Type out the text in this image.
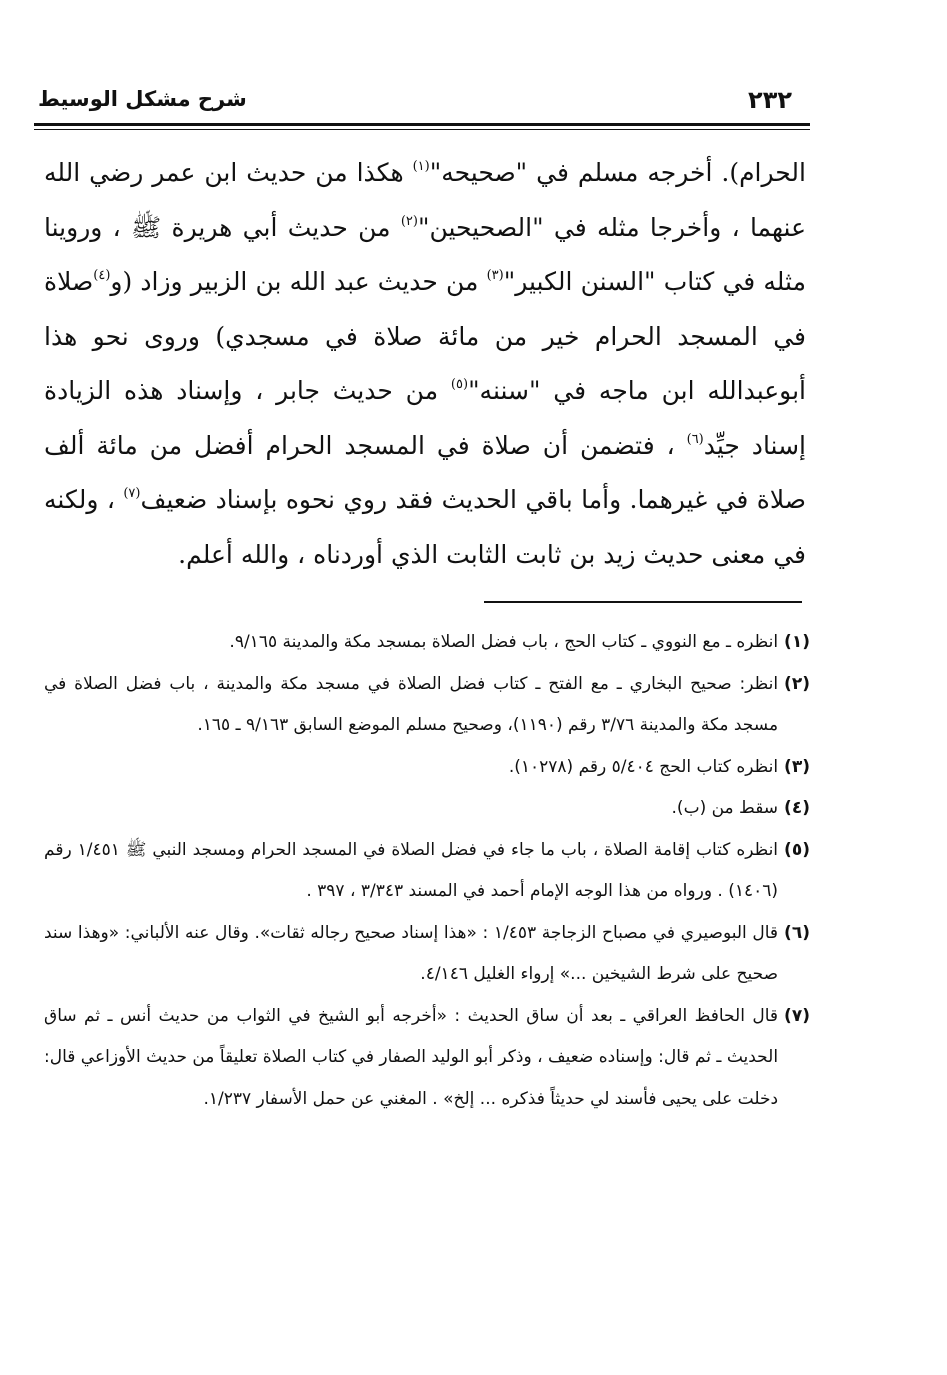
٢٣٢
شرح مشكل الوسيط

الحرام). أخرجه مسلم في "صحيحه"$^{(١)}$ هكذا من حديث ابن عمر رضي الله عنهما ، وأخرجا مثله في "الصحيحين"$^{(٢)}$ من حديث أبي هريرة ﷺ ، وروينا مثله في كتاب "السنن الكبير"$^{(٣)}$ من حديث عبد الله بن الزبير وزاد (و$^{(٤)}$صلاة في المسجد الحرام خير من مائة صلاة في مسجدي) وروى نحو هذا أبوعبدالله ابن ماجه في "سننه"$^{(٥)}$ من حديث جابر ، وإسناد هذه الزيادة إسناد جيِّد$^{(٦)}$ ، فتضمن أن صلاة في المسجد الحرام أفضل من مائة ألف صلاة في غيرهما. وأما باقي الحديث فقد روي نحوه بإسناد ضعيف$^{(٧)}$ ، ولكنه في معنى حديث زيد بن ثابت الثابت الذي أوردناه ، والله أعلم.

(١)
انظره ـ مع النووي ـ كتاب الحج ، باب فضل الصلاة بمسجد مكة والمدينة ٩/١٦٥.
(٢)
انظر: صحيح البخاري ـ مع الفتح ـ كتاب فضل الصلاة في مسجد مكة والمدينة ، باب فضل الصلاة في مسجد مكة والمدينة ٣/٧٦ رقم (١١٩٠)، وصحيح مسلم الموضع السابق ٩/١٦٣ ـ ١٦٥.
(٣)
انظره كتاب الحج ٥/٤٠٤ رقم (١٠٢٧٨).
(٤)
سقط من (ب).
(٥)
انظره كتاب إقامة الصلاة ، باب ما جاء في فضل الصلاة في المسجد الحرام ومسجد النبي ﷺ ١/٤٥١ رقم (١٤٠٦) . ورواه من هذا الوجه الإمام أحمد في المسند ٣/٣٤٣ ، ٣٩٧ .
(٦)
قال البوصيري في مصباح الزجاجة ١/٤٥٣ : «هذا إسناد صحيح رجاله ثقات». وقال عنه الألباني: «وهذا سند صحيح على شرط الشيخين ...» إرواء الغليل ٤/١٤٦.
(٧)
قال الحافظ العراقي ـ بعد أن ساق الحديث : «أخرجه أبو الشيخ في الثواب من حديث أنس ـ ثم ساق الحديث ـ ثم قال: وإسناده ضعيف ، وذكر أبو الوليد الصفار في كتاب الصلاة تعليقاً من حديث الأوزاعي قال: دخلت على يحيى فأسند لي حديثاً فذكره ... إلخ» . المغني عن حمل الأسفار ١/٢٣٧.
